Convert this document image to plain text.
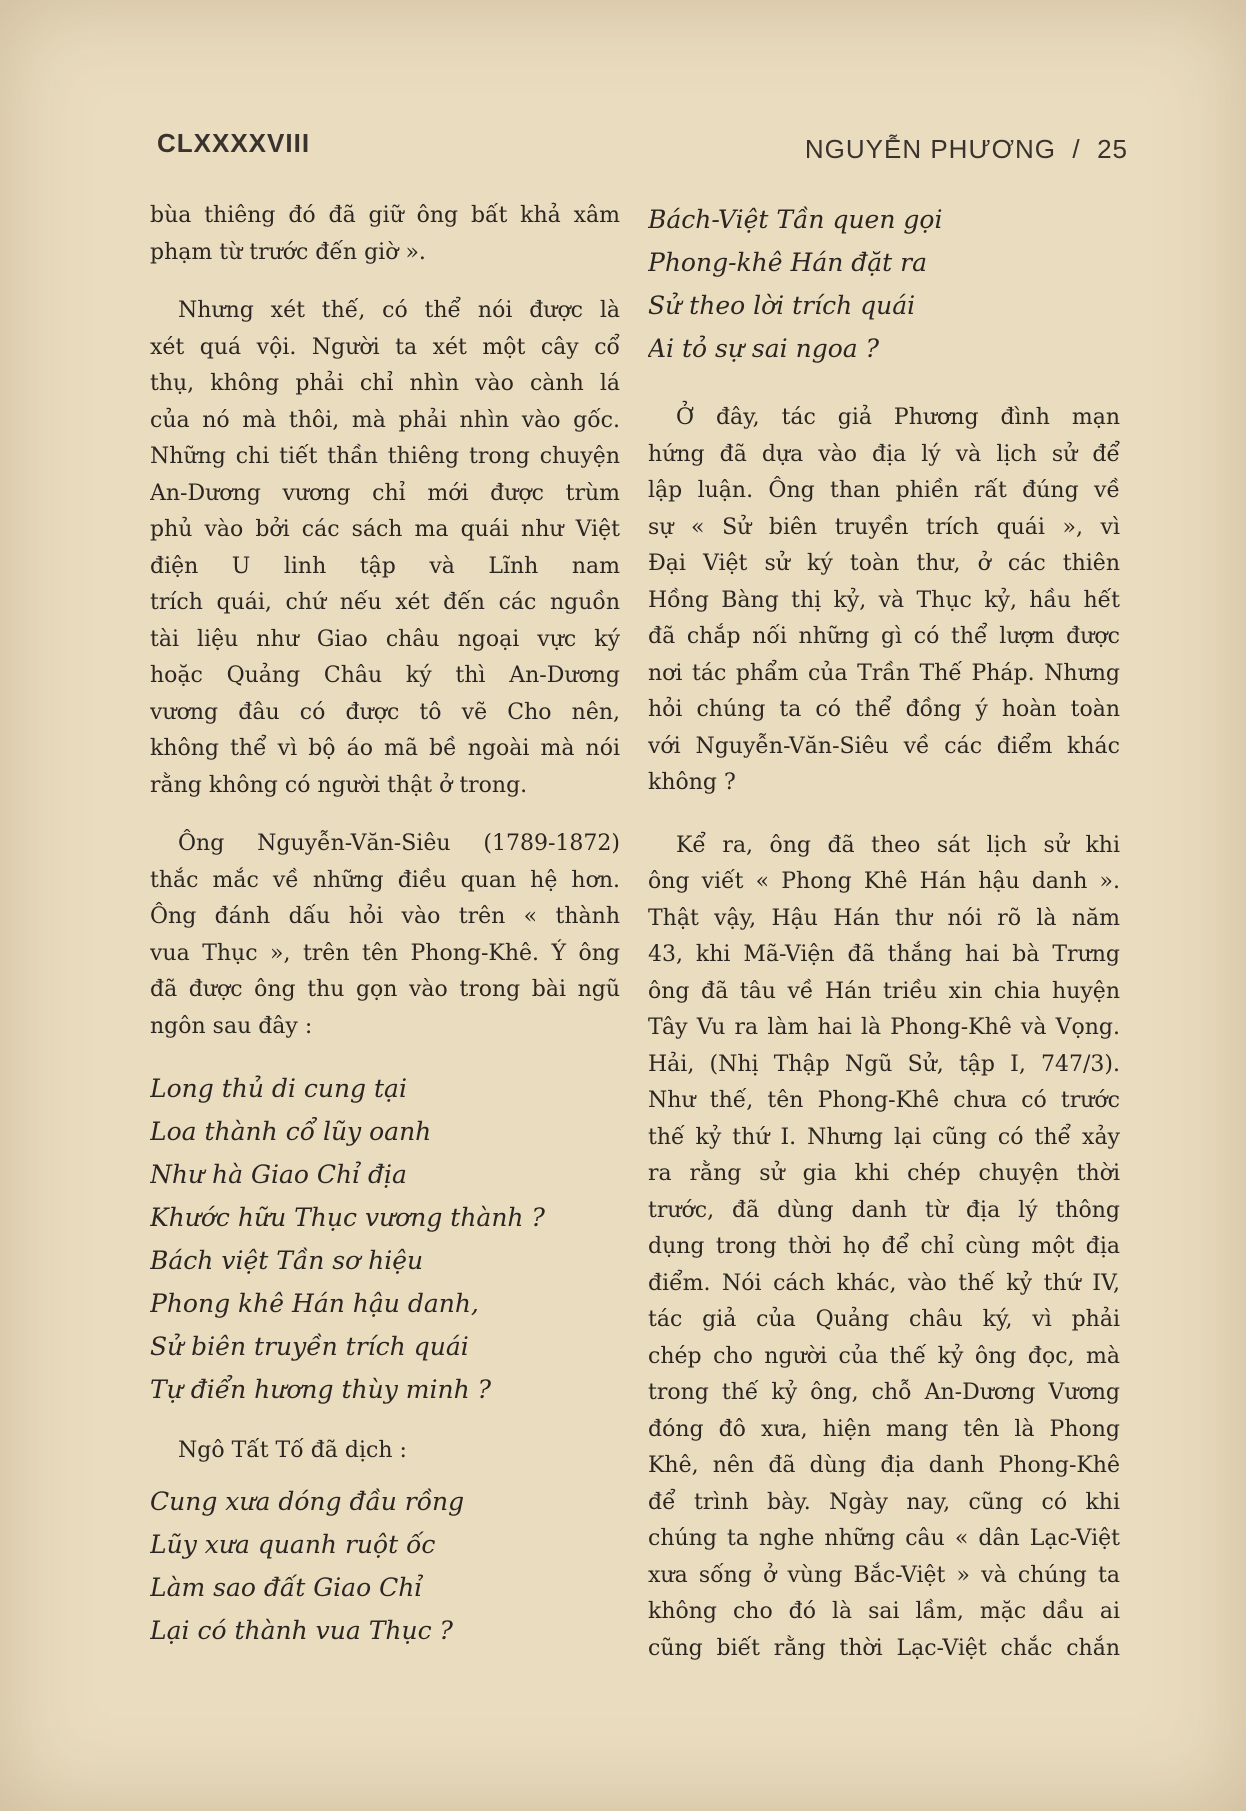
CLXXXXVIII	NGUYỄN PHƯƠNG  /  25
bùa thiêng đó đã giữ ông bất khả xâm
phạm từ trước đến giờ ».
Nhưng xét thế, có thể nói được là
xét quá vội. Người ta xét một cây cổ
thụ, không phải chỉ nhìn vào cành lá
của nó mà thôi, mà phải nhìn vào gốc.
Những chi tiết thần thiêng trong chuyện
An-Dương vương chỉ mới được trùm
phủ vào bởi các sách ma quái như Việt
điện U linh tập và Lĩnh nam
trích quái, chứ nếu xét đến các nguồn
tài liệu như Giao châu ngoại vực ký
hoặc Quảng Châu ký thì An-Dương
vương đâu có được tô vẽ Cho nên,
không thể vì bộ áo mã bề ngoài mà nói
rằng không có người thật ở trong.
Ông Nguyễn-Văn-Siêu (1789-1872)
thắc mắc về những điều quan hệ hơn.
Ông đánh dấu hỏi vào trên « thành
vua Thục », trên tên Phong-Khê. Ý ông
đã được ông thu gọn vào trong bài ngũ
ngôn sau đây :
Long thủ di cung tại
Loa thành cổ lũy oanh
Như hà Giao Chỉ địa
Khước hữu Thục vương thành ?
Bách việt Tần sơ hiệu
Phong khê Hán hậu danh,
Sử biên truyền trích quái
Tự điển hương thùy minh ?
Ngô Tất Tố đã dịch :
Cung xưa dóng đầu rồng
Lũy xưa quanh ruột ốc
Làm sao đất Giao Chỉ
Lại có thành vua Thục ?
Bách-Việt Tần quen gọi
Phong-khê Hán đặt ra
Sử theo lời trích quái
Ai tỏ sự sai ngoa ?
Ở đây, tác giả Phương đình mạn
hứng đã dựa vào địa lý và lịch sử để
lập luận. Ông than phiền rất đúng về
sự « Sử biên truyền trích quái », vì
Đại Việt sử ký toàn thư, ở các thiên
Hồng Bàng thị kỷ, và Thục kỷ, hầu hết
đã chắp nối những gì có thể lượm được
nơi tác phẩm của Trần Thế Pháp. Nhưng
hỏi chúng ta có thể đồng ý hoàn toàn
với Nguyễn-Văn-Siêu về các điểm khác
không ?
Kể ra, ông đã theo sát lịch sử khi
ông viết « Phong Khê Hán hậu danh ».
Thật vậy, Hậu Hán thư nói rõ là năm
43, khi Mã-Viện đã thắng hai bà Trưng
ông đã tâu về Hán triều xin chia huyện
Tây Vu ra làm hai là Phong-Khê và Vọng.
Hải, (Nhị Thập Ngũ Sử, tập I, 747/3).
Như thế, tên Phong-Khê chưa có trước
thế kỷ thứ I. Nhưng lại cũng có thể xảy
ra rằng sử gia khi chép chuyện thời
trước, đã dùng danh từ địa lý thông
dụng trong thời họ để chỉ cùng một địa
điểm. Nói cách khác, vào thế kỷ thứ IV,
tác giả của Quảng châu ký, vì phải
chép cho người của thế kỷ ông đọc, mà
trong thế kỷ ông, chỗ An-Dương Vương
đóng đô xưa, hiện mang tên là Phong
Khê, nên đã dùng địa danh Phong-Khê
để trình bày. Ngày nay, cũng có khi
chúng ta nghe những câu « dân Lạc-Việt
xưa sống ở vùng Bắc-Việt » và chúng ta
không cho đó là sai lầm, mặc dầu ai
cũng biết rằng thời Lạc-Việt chắc chắn
